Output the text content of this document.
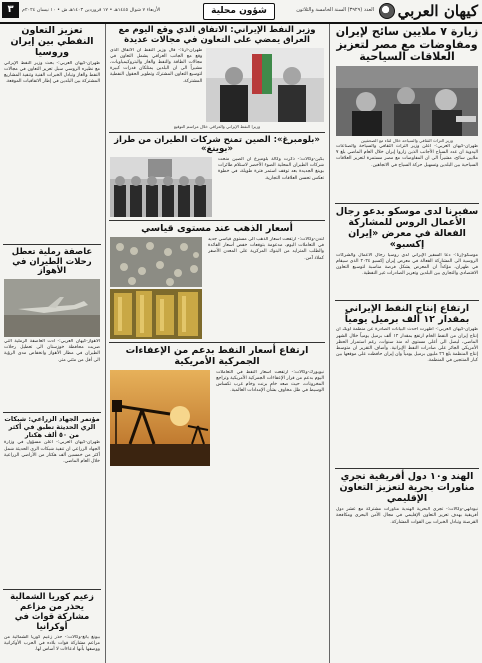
كيهان العربي
العدد (٣٩٢٩) السنة الخامسة والثلاثون
شؤون محلية
الأربعاء ٧ شوال ١٤٤٥هـ • ١٧ فروردين ١٤٠٣هـ ش • ١٠ نيسان ٢٠٢٤م
٣
زيارة ٧ ملايين سائح لإيران ومفاوضات مع مصر لتعزيز العلاقات السياحية
وزير التراث الثقافي والسياحة خلال لقاء مع الصحفيين
طهران-كيهان العربي:- أعلن وزير التراث الثقافي والسياحة والصناعات اليدوية ان عدد السياح الأجانب الذين زاروا إيران خلال العام الماضي بلغ ٧ ملايين سائح، مشيراً الى ان المفاوضات مع مصر مستمرة لتعزيز العلاقات السياحية بين البلدين وتسهيل حركة السياح في الاتجاهين.
سفيرنا لدى موسكو يدعو رجال الأعمال الروس للمشاركة الفعالة في معرض «إيران إكسبو»
موسكو-إرنا:- دعا السفير الإيراني لدى روسيا رجال الأعمال والشركات الروسية الى المشاركة الفعالة في معرض إيران إكسبو ٢٠٢٤ الذي سيقام في طهران، مؤكداً ان المعرض يشكل فرصة مناسبة لتوسيع التعاون الاقتصادي والتجاري بين البلدين وتعزيز الصادرات غير النفطية.
ارتفاع إنتاج النفط الإيراني بمقدار ١٢ ألف برميل يومياً
طهران-كيهان العربي:- أظهرت أحدث البيانات الصادرة عن منظمة أوبك ان إنتاج إيران من النفط الخام ارتفع بمقدار ١٢ ألف برميل يومياً خلال الشهر الماضي، ليصل الى أعلى مستوى له منذ سنوات، رغم استمرار الحظر الأمريكي الجائر على صادرات النفط الإيرانية. وأضاف التقرير ان متوسط إنتاج المنظمة بلغ ٢٦ مليون برميل يومياً وان إيران حافظت على موقعها بين كبار المنتجين في المنظمة.
الهند و١٠ دول أفريقية تجري مناورات بحرية لتعزيز التعاون الإقليمي
نيودلهي-وكالات:- تجري البحرية الهندية مناورات مشتركة مع عشر دول أفريقية بهدف تعزيز التعاون الإقليمي في مجال الأمن البحري ومكافحة القرصنة وتبادل الخبرات بين القوات المشاركة.
وزير النفط الإيراني: الاتفاق الذي وقع اليوم مع العراق يمضي على التعاون في مجالات عديدة
طهران-ارنا:- قال وزير النفط ان الاتفاق الذي وقع مع الجانب العراقي يشمل التعاون في مجالات الطاقة والنفط والغاز والبتروكيمياويات، مشيراً الى ان البلدين يمتلكان قدرات كبيرة لتوسيع التعاون المشترك وتطوير الحقول النفطية المشتركة.
وزيرا النفط الإيراني والعراقي خلال مراسم التوقيع
«بلومبرغ»: الصين تمنح شركات الطيران من طراز «بوينغ»
بكين-وكالات:- ذكرت وكالة بلومبرغ ان الصين منحت شركات الطيران المحلية الضوء الأخضر لاستلام طائرات بوينغ الجديدة بعد توقف استمر فترة طويلة، في خطوة تعكس تحسن العلاقات التجارية.
أسعار الذهب عند مستوى قياسي
لندن-وكالات:- ارتفعت أسعار الذهب الى مستوى قياسي جديد في التعاملات اليوم، مدعومة بتوقعات خفض أسعار الفائدة والطلب المتزايد من البنوك المركزية على المعدن الأصفر كملاذ آمن.
ارتفاع أسعار النفط بدعم من الإعفاءات الجمركية الأمريكية
نيويورك-وكالات:- ارتفعت أسعار النفط في التعاملات اليوم بدعم من قرار الإعفاءات الجمركية الأمريكية وتراجع المخزونات، حيث صعد خام برنت وخام غرب تكساس الوسيط في ظل مخاوف بشأن الإمدادات العالمية.
تعزيز التعاون النفطي بين إيران وروسيا
طهران-كيهان العربي:- بحث وزير النفط الإيراني مع نظيره الروسي سبل تعزيز التعاون في مجالات النفط والغاز وتبادل الخبرات الفنية وتنفيذ المشاريع المشتركة بين البلدين في إطار الاتفاقيات الموقعة.
عاصفة رملية تعطل رحلات الطيران في الأهواز
الأهواز-كيهان العربي:- أدت العاصفة الرملية التي ضربت محافظة خوزستان الى تعطيل رحلات الطيران في مطار الأهواز وانخفاض مدى الرؤية الى أقل من مئتي متر.
مؤتمر الجهاد الزراعي: شبكات الري الحديثة تطبق في أكثر من ٥٠ ألف هكتار
طهران-كيهان العربي:- أعلن مسؤول في وزارة الجهاد الزراعي ان تنفيذ شبكات الري الحديثة شمل أكثر من خمسين ألف هكتار من الأراضي الزراعية خلال العام الماضي.
زعيم كوريا الشمالية يحذر من مزاعم مشاركة قوات في أوكرانيا
بيونغ يانغ-وكالات:- حذر زعيم كوريا الشمالية من مزاعم مشاركة قوات بلاده في الحرب الأوكرانية ووصفها بأنها ادعاءات لا أساس لها.
